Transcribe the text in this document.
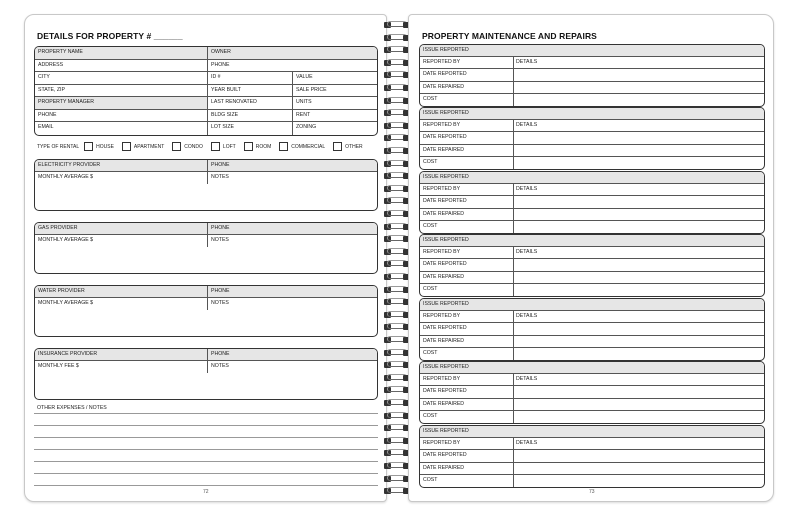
DETAILS FOR PROPERTY # ______
PROPERTY NAME	OWNER
ADDRESS	PHONE
CITY	ID #	VALUE
STATE, ZIP	YEAR BUILT	SALE PRICE
PROPERTY MANAGER	LAST RENOVATED	UNITS
PHONE	BLDG SIZE	RENT
EMAIL	LOT SIZE	ZONING
TYPE OF RENTAL	HOUSE	APARTMENT	CONDO	LOFT	ROOM	COMMERCIAL	OTHER
ELECTRICITY PROVIDER	PHONE
MONTHLY AVERAGE $	NOTES
GAS PROVIDER	PHONE
MONTHLY AVERAGE $	NOTES
WATER PROVIDER	PHONE
MONTHLY AVERAGE $	NOTES
INSURANCE PROVIDER	PHONE
MONTHLY FEE $	NOTES
OTHER EXPENSES / NOTES
72
PROPERTY MAINTENANCE AND REPAIRS
ISSUE REPORTED
REPORTED BY	DETAILS
DATE REPORTED
DATE REPAIRED
COST
ISSUE REPORTED
REPORTED BY	DETAILS
DATE REPORTED
DATE REPAIRED
COST
ISSUE REPORTED
REPORTED BY	DETAILS
DATE REPORTED
DATE REPAIRED
COST
ISSUE REPORTED
REPORTED BY	DETAILS
DATE REPORTED
DATE REPAIRED
COST
ISSUE REPORTED
REPORTED BY	DETAILS
DATE REPORTED
DATE REPAIRED
COST
ISSUE REPORTED
REPORTED BY	DETAILS
DATE REPORTED
DATE REPAIRED
COST
ISSUE REPORTED
REPORTED BY	DETAILS
DATE REPORTED
DATE REPAIRED
COST
73
